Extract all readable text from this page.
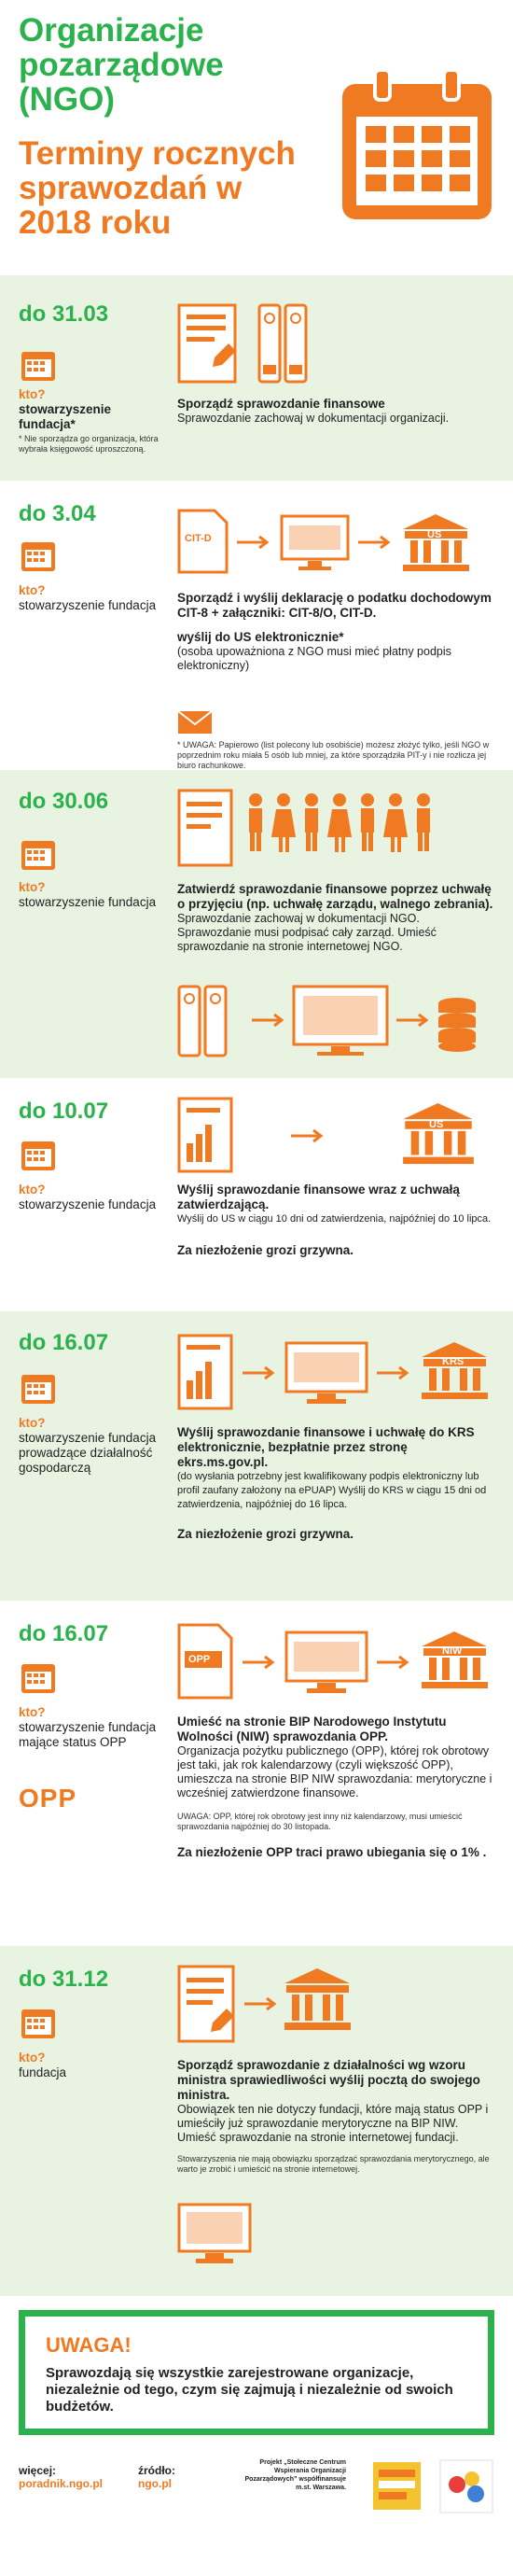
Organizacje pozarządowe (NGO)
Terminy rocznych sprawozdań w 2018 roku
do 31.03
kto?
stowarzyszenie fundacja*
* Nie sporządza go organizacja, która wybrała księgowość uproszczoną.
Sporządź sprawozdanie finansowe
Sprawozdanie zachowaj w dokumentacji organizacji.
do 3.04
kto?
stowarzyszenie fundacja
CIT-D	US
Sporządź i wyślij deklarację o podatku dochodowym CIT-8 + załączniki: CIT-8/O, CIT-D.
wyślij do US elektronicznie*
(osoba upoważniona z NGO musi mieć płatny podpis elektroniczny)
* UWAGA: Papierowo (list polecony lub osobiście) możesz złożyć tylko, jeśli NGO w poprzednim roku miała 5 osób lub mniej, za które sporządziła PIT-y i nie rozlicza jej biuro rachunkowe.
do 30.06
kto?
stowarzyszenie fundacja
Zatwierdź sprawozdanie finansowe poprzez uchwałę o przyjęciu (np. uchwałę zarządu, walnego zebrania).
Sprawozdanie zachowaj w dokumentacji NGO. Sprawozdanie musi podpisać cały zarząd. Umieść sprawozdanie na stronie internetowej NGO.
do 10.07
kto?
stowarzyszenie fundacja
US
Wyślij sprawozdanie finansowe wraz z uchwałą zatwierdzającą.
Wyślij do US w ciągu 10 dni od zatwierdzenia, najpóźniej do 10 lipca.
Za niezłożenie grozi grzywna.
do 16.07
kto?
stowarzyszenie fundacja prowadzące działalność gospodarczą
KRS
Wyślij sprawozdanie finansowe i uchwałę do KRS elektronicznie, bezpłatnie przez stronę ekrs.ms.gov.pl.
(do wysłania potrzebny jest kwalifikowany podpis elektroniczny lub profil zaufany założony na ePUAP) Wyślij do KRS w ciągu 15 dni od zatwierdzenia, najpóźniej do 16 lipca.
Za niezłożenie grozi grzywna.
do 16.07
kto?
stowarzyszenie fundacja mające status OPP
OPP
OPP
NIW
Umieść na stronie BIP Narodowego Instytutu Wolności (NIW) sprawozdania OPP.
Organizacja pożytku publicznego (OPP), której rok obrotowy jest taki, jak rok kalendarzowy (czyli większość OPP), umieszcza na stronie BIP NIW sprawozdania: merytoryczne i wcześniej zatwierdzone finansowe.
UWAGA: OPP, której rok obrotowy jest inny niż kalendarzowy, musi umieścić sprawozdania najpóźniej do 30 listopada.
Za niezłożenie OPP traci prawo ubiegania się o 1% .
do 31.12
kto?
fundacja
Sporządź sprawozdanie z działalności wg wzoru ministra sprawiedliwości wyślij pocztą do swojego ministra.
Obowiązek ten nie dotyczy fundacji, które mają status OPP i umieściły już sprawozdanie merytoryczne na BIP NIW. Umieść sprawozdanie na stronie internetowej fundacji.
Stowarzyszenia nie mają obowiązku sporządzać sprawozdania merytorycznego, ale warto je zrobić i umieścić na stronie internetowej.
UWAGA!
Sprawozdają się wszystkie zarejestrowane organizacje, niezależnie od tego, czym się zajmują i niezależnie od swoich budżetów.
więcej:
poradnik.ngo.pl
źródło:
ngo.pl
Projekt „Stołeczne Centrum Wspierania Organizacji Pozarządowych” współfinansuje m.st. Warszawa.
